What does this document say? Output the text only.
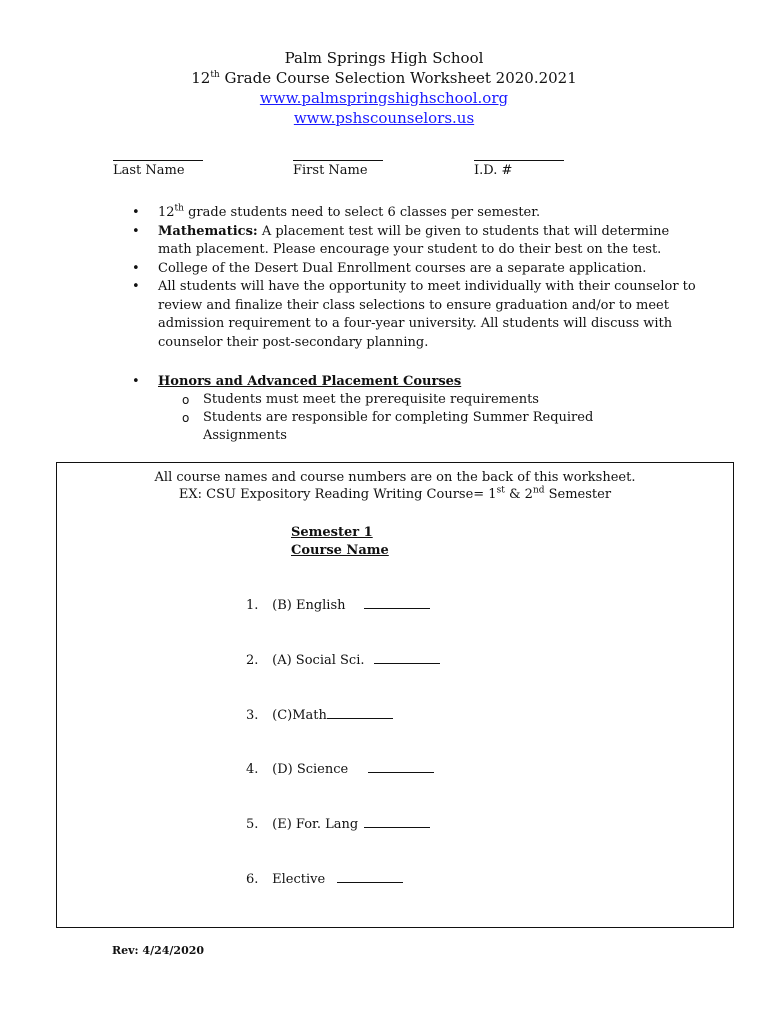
Palm Springs High School
12th Grade Course Selection Worksheet 2020.2021
www.palmspringshighschool.org
www.pshscounselors.us
Last Name	First Name	I.D. #
• 12th grade students need to select 6 classes per semester.
• Mathematics: A placement test will be given to students that will determine math placement. Please encourage your student to do their best on the test.
• College of the Desert Dual Enrollment courses are a separate application.
• All students will have the opportunity to meet individually with their counselor to review and finalize their class selections to ensure graduation and/or to meet admission requirement to a four-year university. All students will discuss with counselor their post-secondary planning.
• Honors and Advanced Placement Courses
o Students must meet the prerequisite requirements
o Students are responsible for completing Summer Required Assignments
All course names and course numbers are on the back of this worksheet.
EX: CSU Expository Reading Writing Course= 1st & 2nd Semester
Semester 1
Course Name
1. (B) English
2. (A) Social Sci.
3. (C)Math
4. (D) Science
5. (E) For. Lang
6. Elective
Rev: 4/24/2020
